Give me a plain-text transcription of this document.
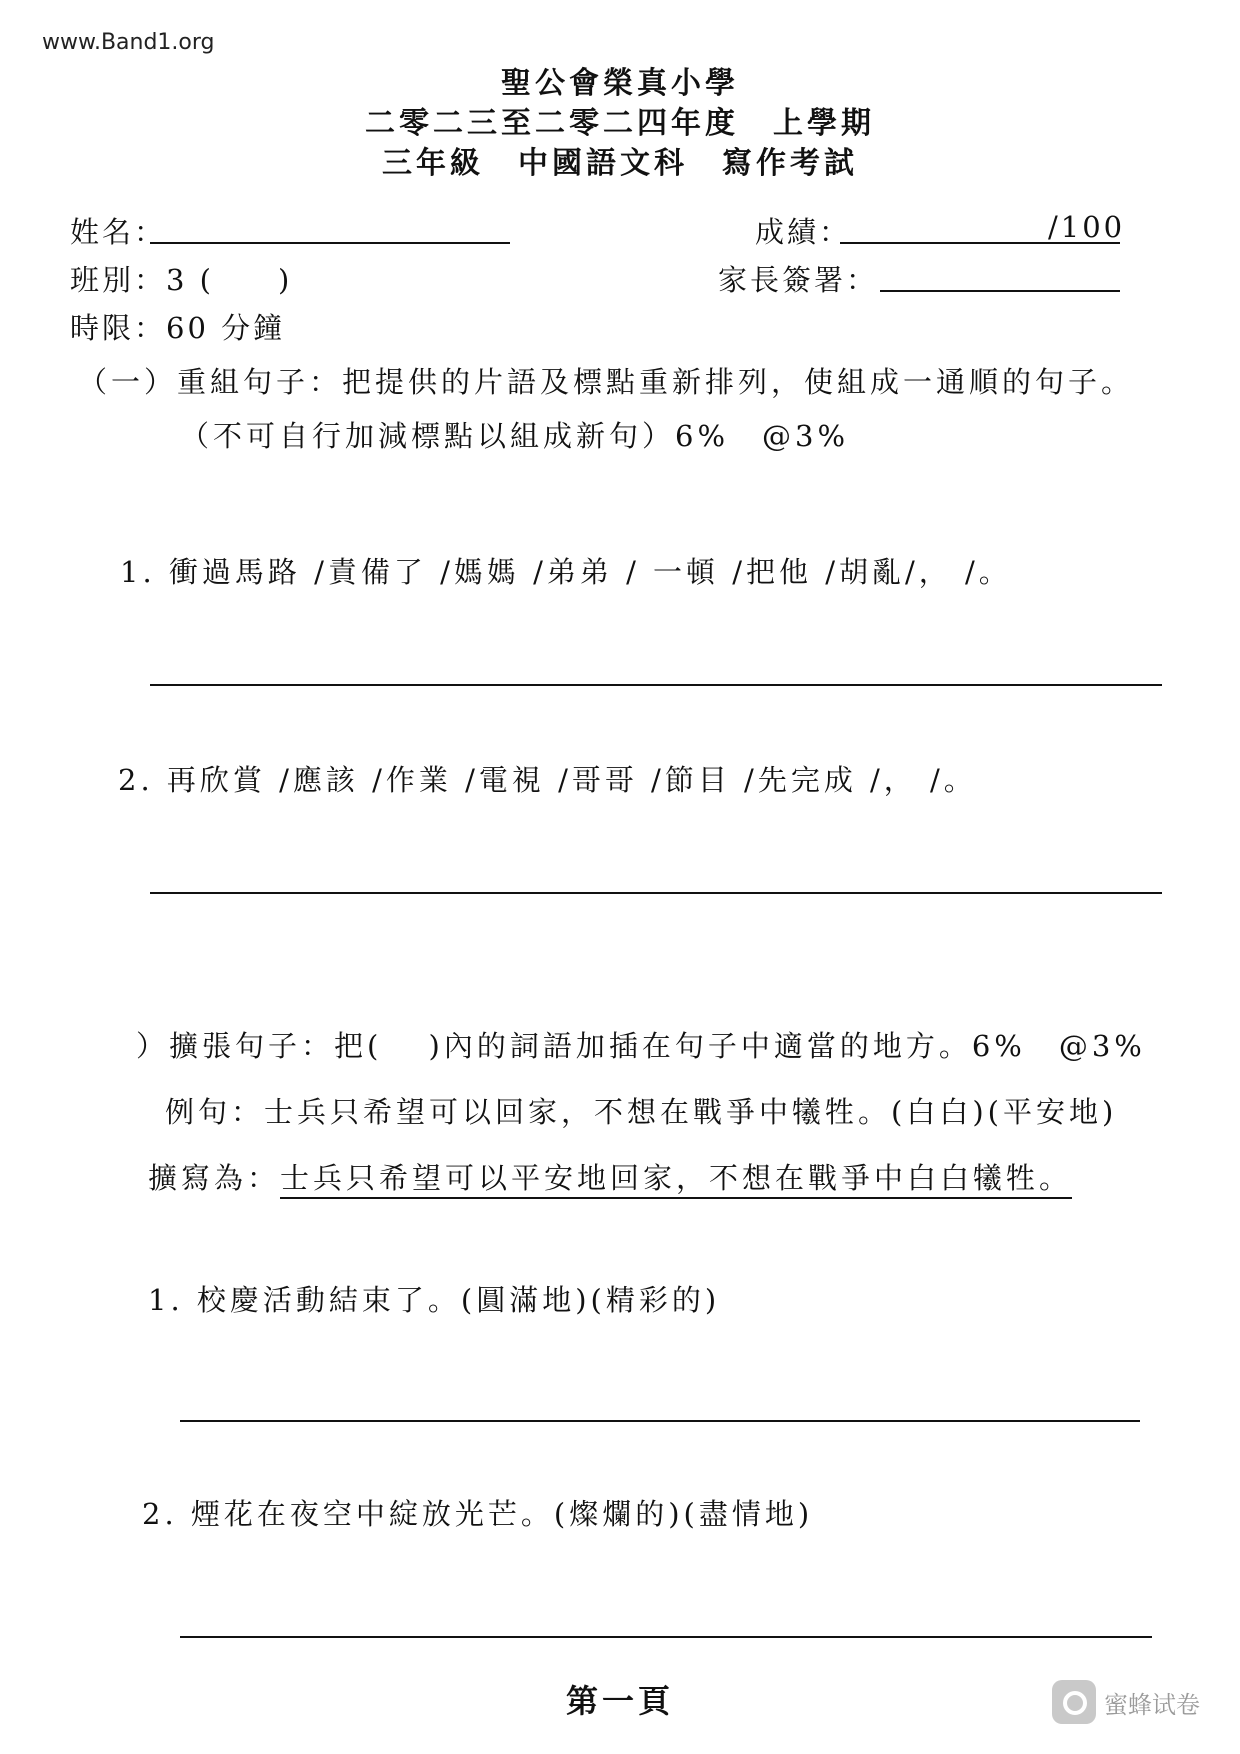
www.Band1.org
聖公會榮真小學
二零二三至二零二四年度　上學期
三年級　中國語文科　寫作考試
姓名：	成績：	/100
班別：3 (　　)	家長簽署：
時限：60 分鐘
（一）重組句子：把提供的片語及標點重新排列，使組成一通順的句子。
（不可自行加減標點以組成新句）6%　@3%
1. 衝過馬路 /責備了 /媽媽 /弟弟 / 一頓 /把他 /胡亂/， /。
2. 再欣賞 /應該 /作業 /電視 /哥哥 /節目 /先完成 /， /。
）擴張句子：把(　 )內的詞語加插在句子中適當的地方。6%　@3%
例句：士兵只希望可以回家，不想在戰爭中犧牲。(白白)(平安地)
擴寫為：士兵只希望可以平安地回家，不想在戰爭中白白犧牲。
1. 校慶活動結束了。(圓滿地)(精彩的)
2. 煙花在夜空中綻放光芒。(燦爛的)(盡情地)
第一頁	蜜蜂试卷
